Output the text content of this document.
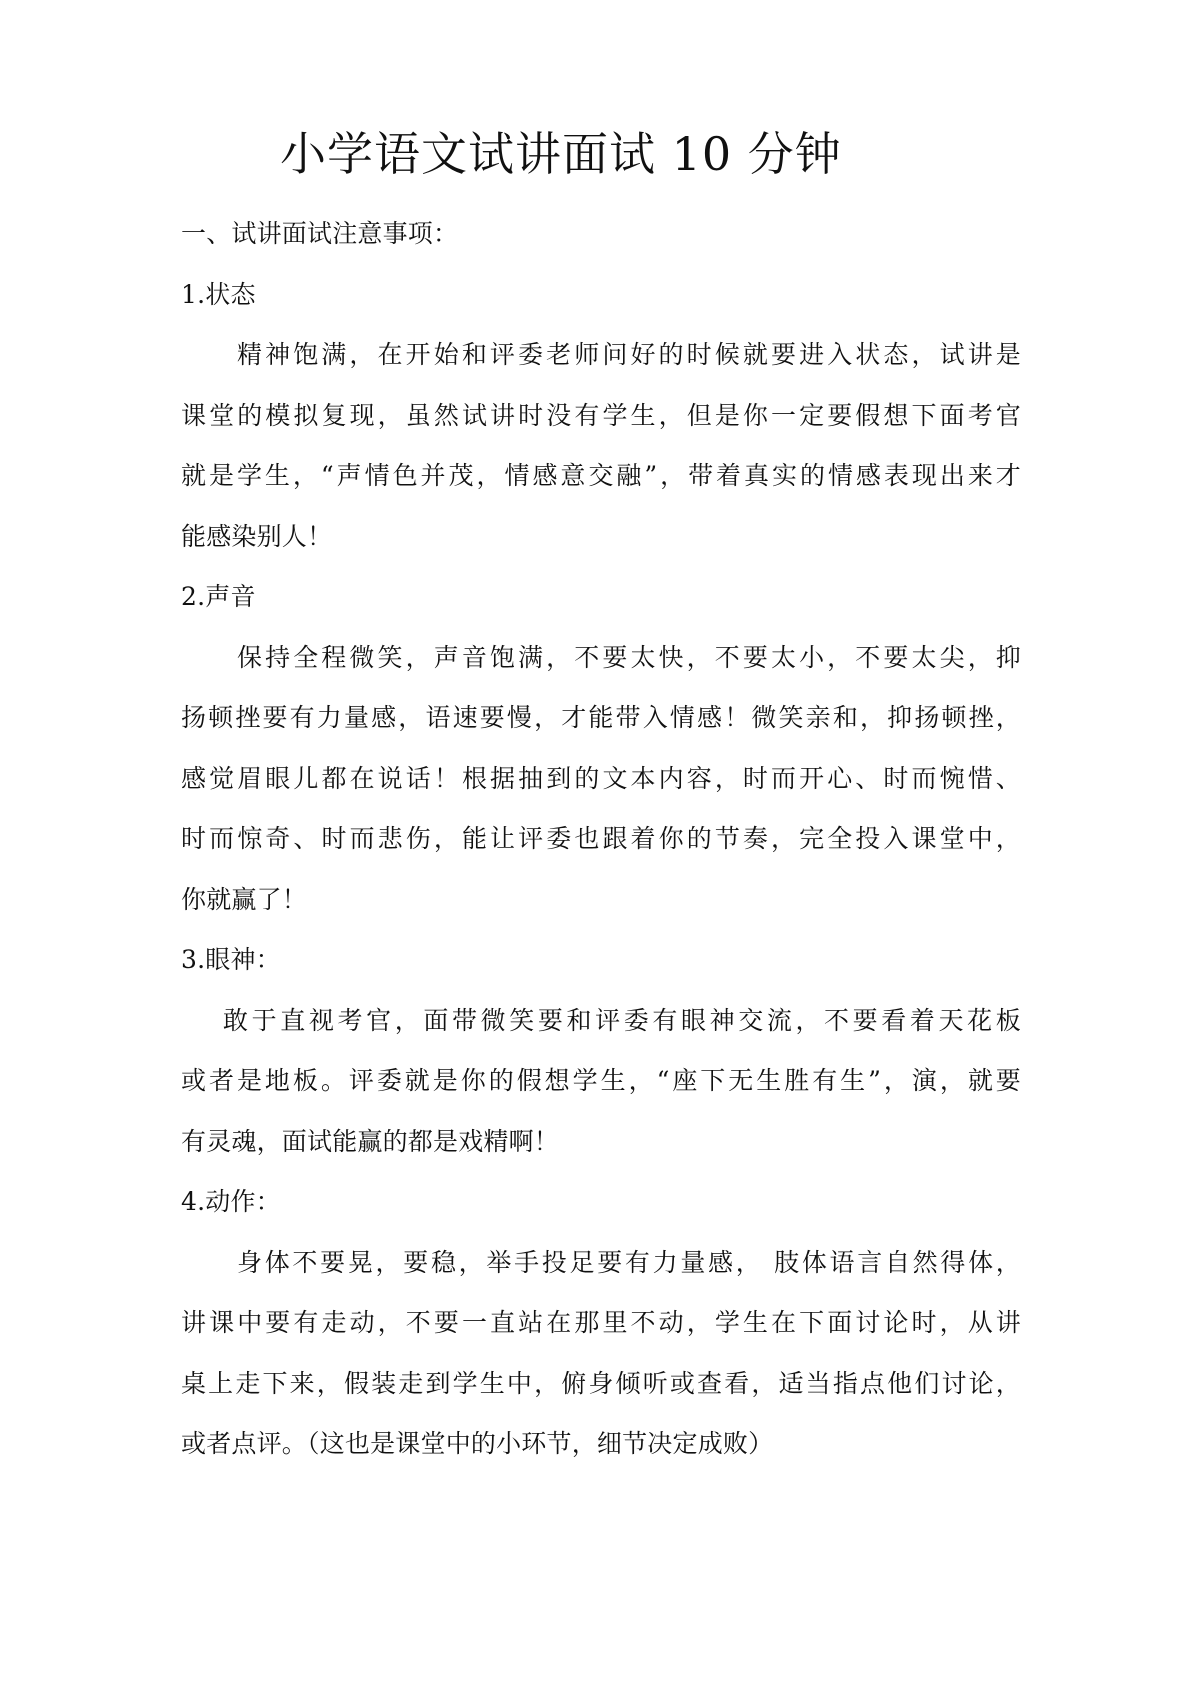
小学语文试讲面试 10 分钟
一、试讲面试注意事项：
1.状态
精神饱满，在开始和评委老师问好的时候就要进入状态，试讲是
课堂的模拟复现，虽然试讲时没有学生，但是你一定要假想下面考官
就是学生，“声情色并茂，情感意交融”，带着真实的情感表现出来才
能感染别人！
2.声音
保持全程微笑，声音饱满，不要太快，不要太小，不要太尖，抑
扬顿挫要有力量感，语速要慢，才能带入情感！微笑亲和，抑扬顿挫，
感觉眉眼儿都在说话！根据抽到的文本内容，时而开心、时而惋惜、
时而惊奇、时而悲伤，能让评委也跟着你的节奏，完全投入课堂中，
你就赢了！
3.眼神：
敢于直视考官，面带微笑要和评委有眼神交流，不要看着天花板
或者是地板。评委就是你的假想学生，“座下无生胜有生”，演，就要
有灵魂，面试能赢的都是戏精啊！
4.动作：
身体不要晃，要稳，举手投足要有力量感， 肢体语言自然得体，
讲课中要有走动，不要一直站在那里不动，学生在下面讨论时，从讲
桌上走下来，假装走到学生中，俯身倾听或查看，适当指点他们讨论，
或者点评。（这也是课堂中的小环节，细节决定成败）
